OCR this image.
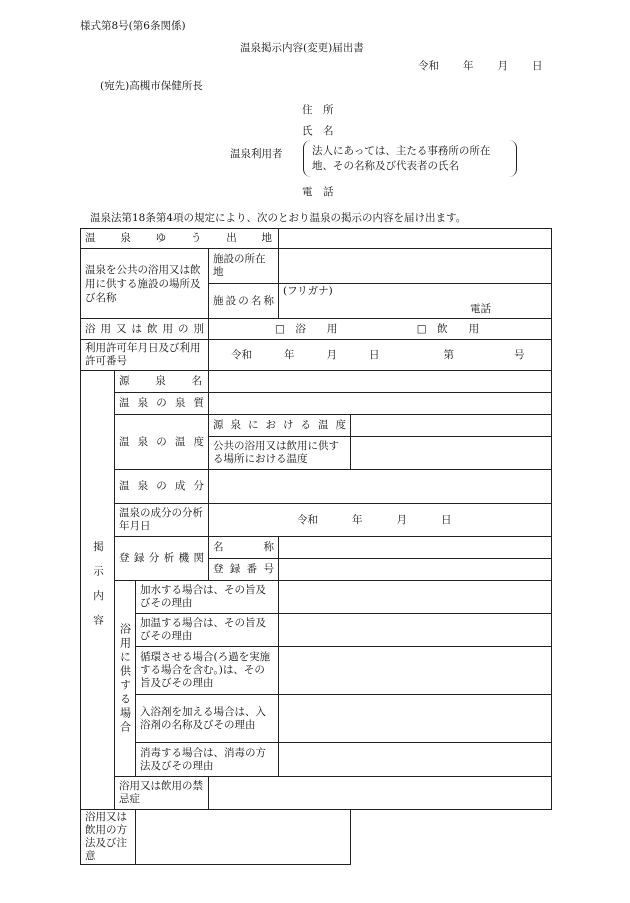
様式第8号(第6条関係)
温泉掲示内容(変更)届出書
令和 年 月 日
(宛先)高槻市保健所長
住　所
氏　名
温泉利用者	法人にあっては、主たる事務所の所在地、その名称及び代表者の氏名
電　話
温泉法第18条第4項の規定により、次のとおり温泉の掲示の内容を届け出ます。
温泉ゆう出地					
温泉を公共の浴用又は飲用に供する施設の場所及び名称			施設の所在地		
			施設の名称	(フリガナ)
電話	

浴用又は飲用の別			□　浴　　用 □　飲　　用		
利用許可年月日及び利用許可番号			令和 年 月 日 第 号		

掲示内容	源泉名				
	温泉の泉質				
	温泉の温度		源泉における温度		
			公共の浴用又は飲用に供する場所における温度		
	温泉の成分				
	温泉の成分の分析年月日		令和 年 月 日		
	登録分析機関		名　　称		
			登録番号		

	浴用に供する場合	加水する場合は、その旨及びその理由			
		加温する場合は、その旨及びその理由			
		循環させる場合(ろ過を実施する場合を含む。)は、その旨及びその理由			
		入浴剤を加える場合は、入浴剤の名称及びその理由			
		消毒する場合は、消毒の方法及びその理由			
	浴用又は飲用の禁忌症				
浴用又は飲用の方法及び注意					
